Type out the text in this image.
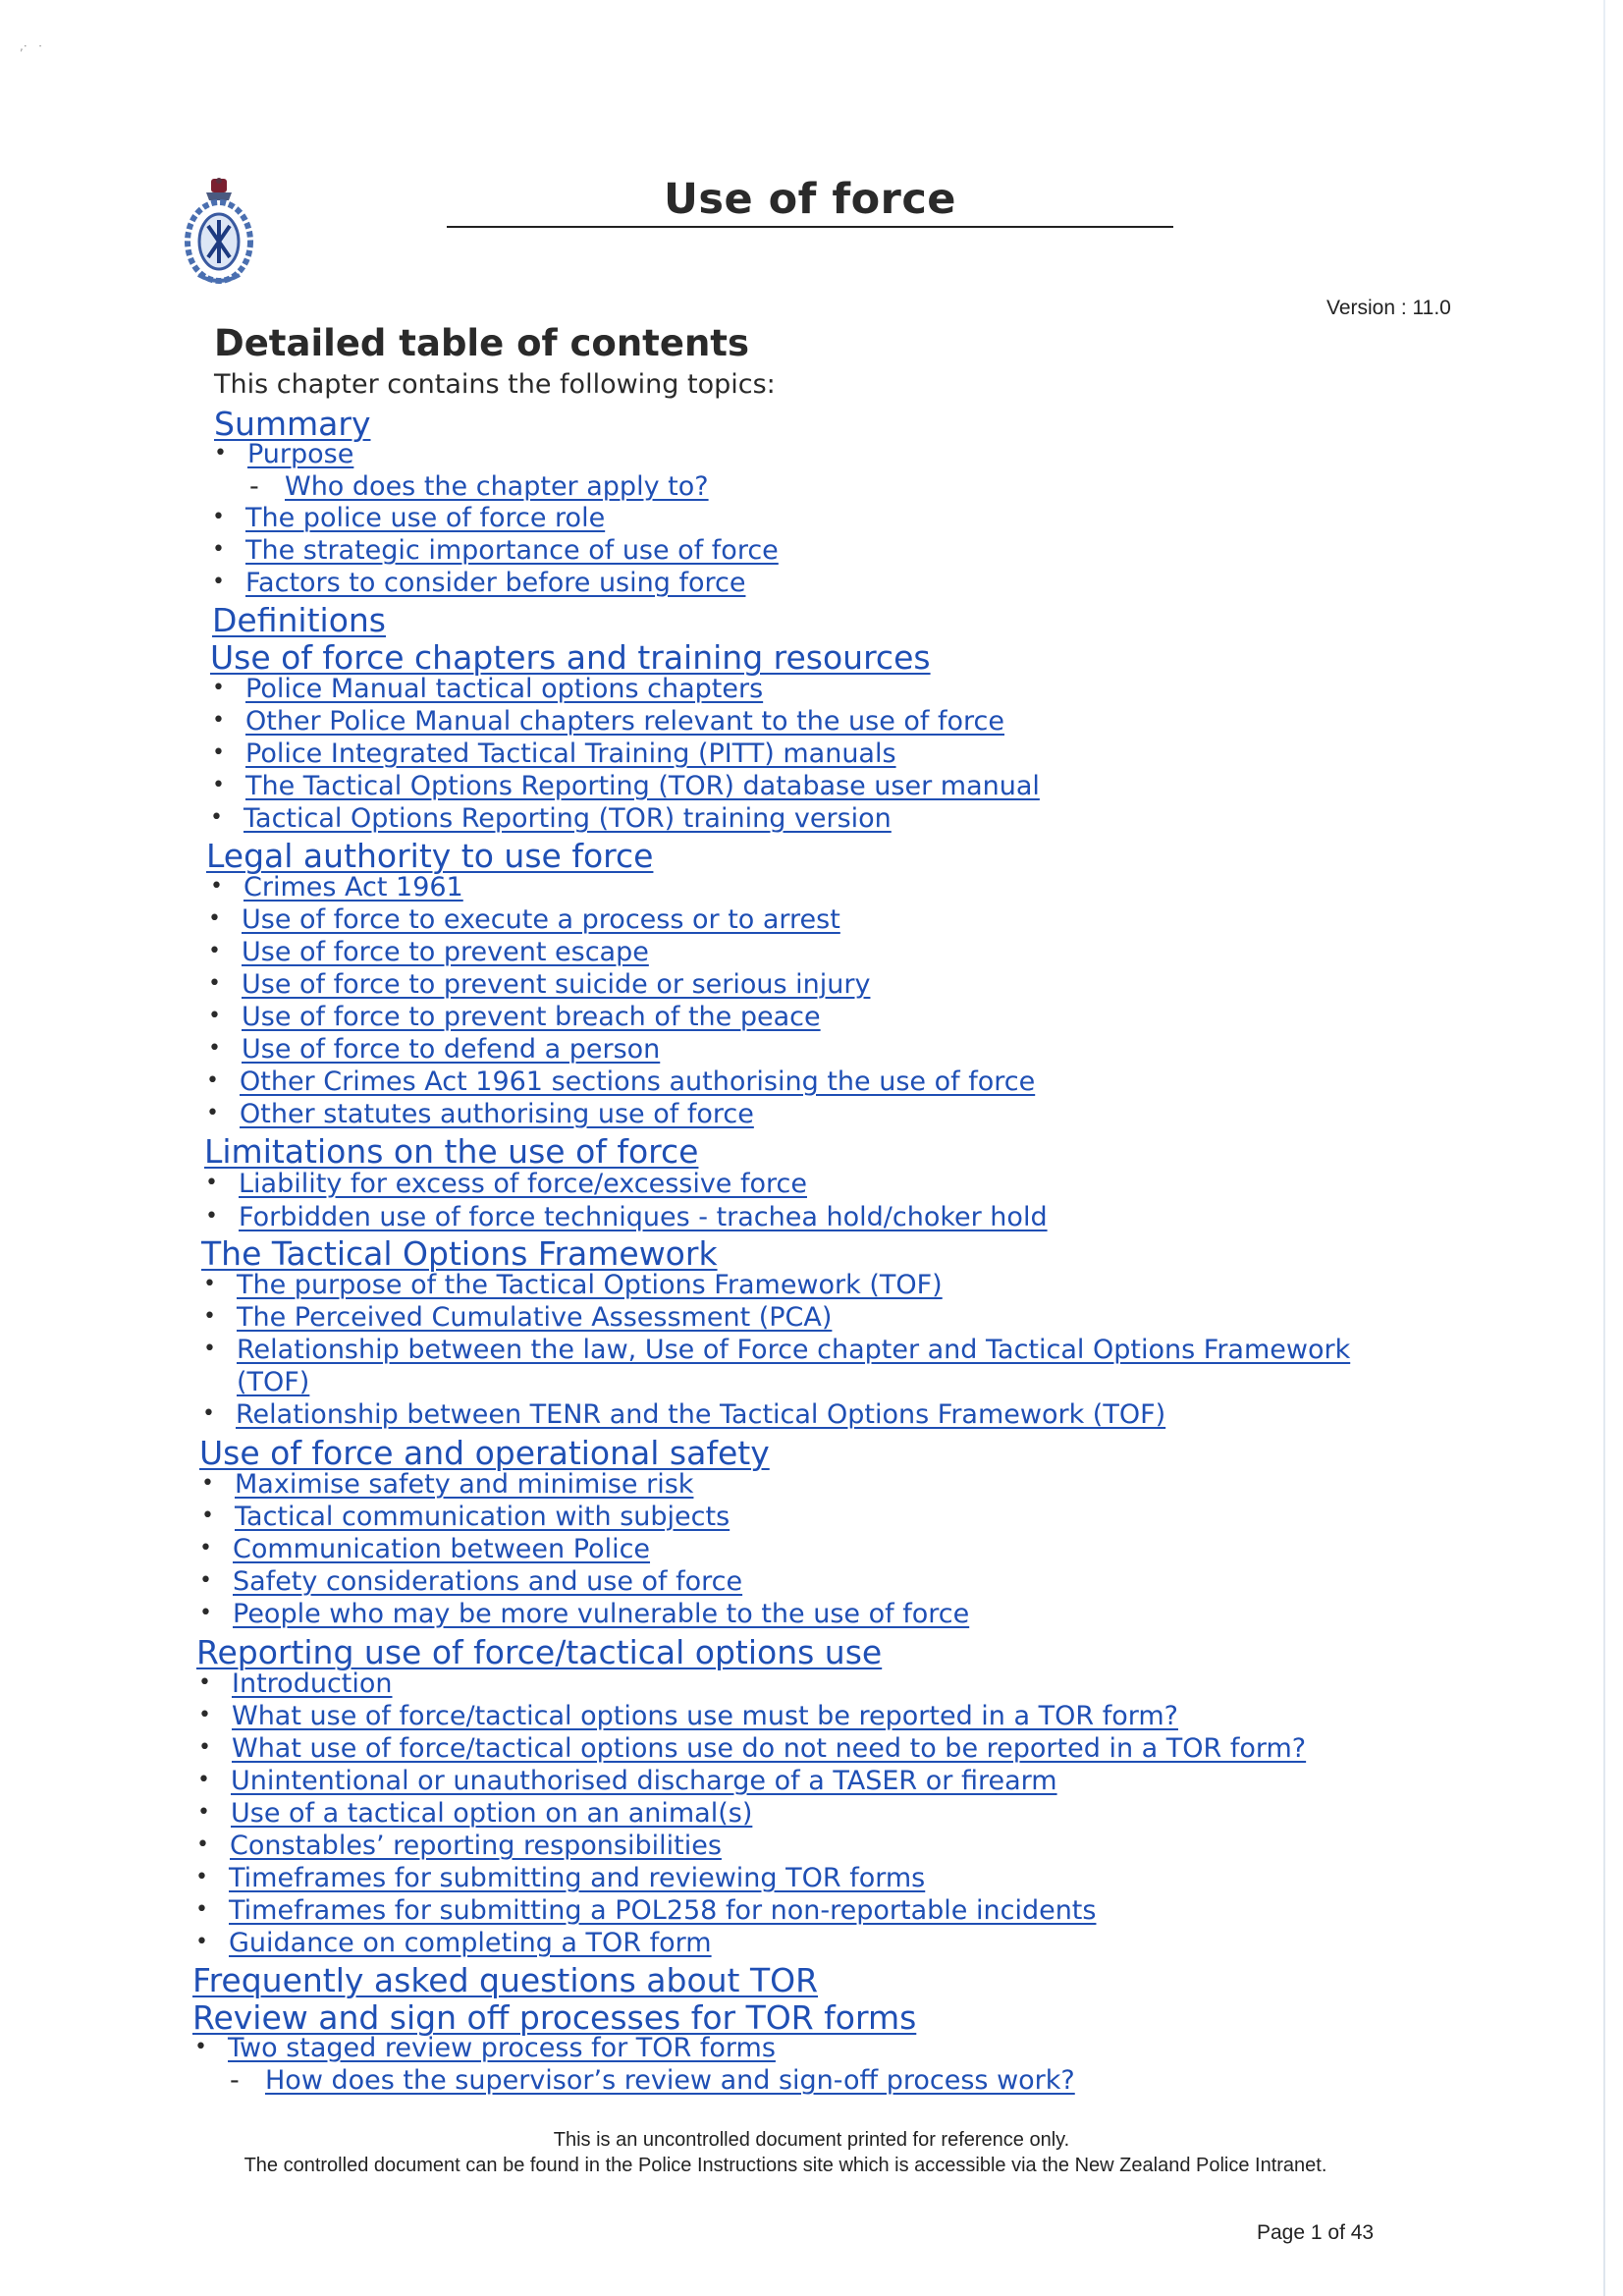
,·   ·
Use of force
Version : 11.0
Detailed table of contents
This chapter contains the following topics:
Summary
Purpose
•
Who does the chapter apply to?
-
The police use of force role
•
The strategic importance of use of force
•
Factors to consider before using force
•
Definitions
Use of force chapters and training resources
Police Manual tactical options chapters
•
Other Police Manual chapters relevant to the use of force
•
Police Integrated Tactical Training (PITT) manuals
•
The Tactical Options Reporting (TOR) database user manual
•
Tactical Options Reporting (TOR) training version
•
Legal authority to use force
Crimes Act 1961
•
Use of force to execute a process or to arrest
•
Use of force to prevent escape
•
Use of force to prevent suicide or serious injury
•
Use of force to prevent breach of the peace
•
Use of force to defend a person
•
Other Crimes Act 1961 sections authorising the use of force
•
Other statutes authorising use of force
•
Limitations on the use of force
Liability for excess of force/excessive force
•
Forbidden use of force techniques - trachea hold/choker hold
•
The Tactical Options Framework
The purpose of the Tactical Options Framework (TOF)
•
The Perceived Cumulative Assessment (PCA)
•
Relationship between the law, Use of Force chapter and Tactical Options Framework
•
(TOF)
Relationship between TENR and the Tactical Options Framework (TOF)
•
Use of force and operational safety
Maximise safety and minimise risk
•
Tactical communication with subjects
•
Communication between Police
•
Safety considerations and use of force
•
People who may be more vulnerable to the use of force
•
Reporting use of force/tactical options use
Introduction
•
What use of force/tactical options use must be reported in a TOR form?
•
What use of force/tactical options use do not need to be reported in a TOR form?
•
Unintentional or unauthorised discharge of a TASER or firearm
•
Use of a tactical option on an animal(s)
•
Constables’ reporting responsibilities
•
Timeframes for submitting and reviewing TOR forms
•
Timeframes for submitting a POL258 for non-reportable incidents
•
Guidance on completing a TOR form
•
Frequently asked questions about TOR
Review and sign off processes for TOR forms
Two staged review process for TOR forms
•
How does the supervisor’s review and sign-off process work?
-
This is an uncontrolled document printed for reference only.
The controlled document can be found in the Police Instructions site which is accessible via the New Zealand Police Intranet.
Page 1 of 43
